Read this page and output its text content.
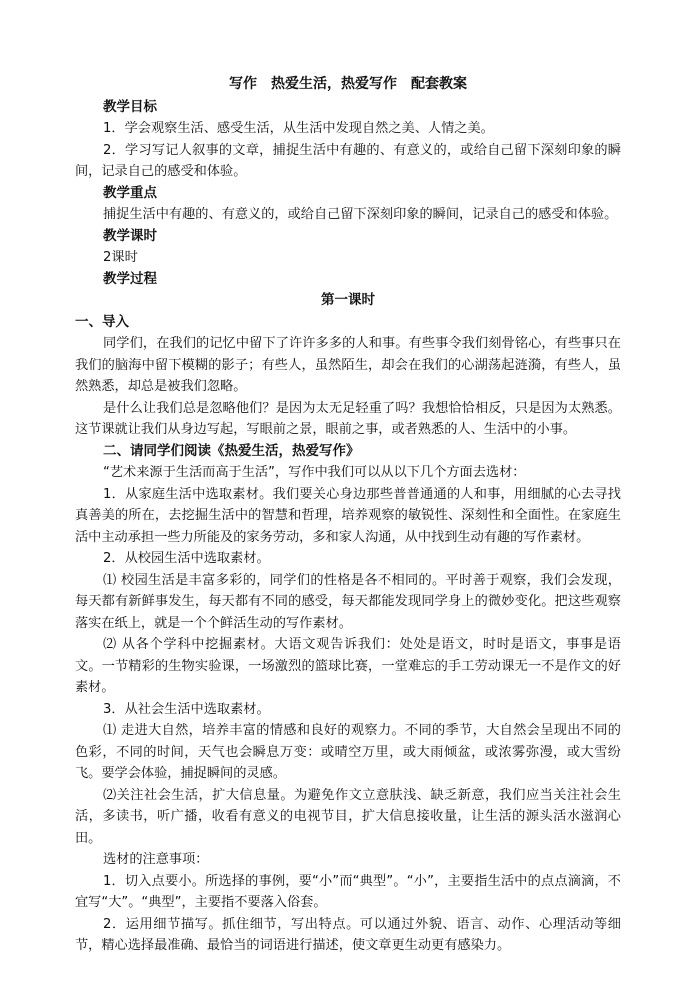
写作　热爱生活，热爱写作　配套教案

教学目标

1．学会观察生活、感受生活，从生活中发现自然之美、人情之美。

2．学习写记人叙事的文章，捕捉生活中有趣的、有意义的，或给自己留下深刻印象的瞬间，记录自己的感受和体验。

教学重点

捕捉生活中有趣的、有意义的，或给自己留下深刻印象的瞬间，记录自己的感受和体验。

教学课时

2课时

教学过程

第一课时

一、导入

同学们，在我们的记忆中留下了许许多多的人和事。有些事令我们刻骨铭心，有些事只在我们的脑海中留下模糊的影子；有些人，虽然陌生，却会在我们的心湖荡起涟漪，有些人，虽然熟悉，却总是被我们忽略。

是什么让我们总是忽略他们？是因为太无足轻重了吗？我想恰恰相反，只是因为太熟悉。这节课就让我们从身边写起，写眼前之景，眼前之事，或者熟悉的人、生活中的小事。

二、请同学们阅读《热爱生活，热爱写作》

“艺术来源于生活而高于生活”，写作中我们可以从以下几个方面去选材：

1．从家庭生活中选取素材。我们要关心身边那些普普通通的人和事，用细腻的心去寻找真善美的所在，去挖掘生活中的智慧和哲理，培养观察的敏锐性、深刻性和全面性。在家庭生活中主动承担一些力所能及的家务劳动，多和家人沟通，从中找到生动有趣的写作素材。

2．从校园生活中选取素材。

⑴ 校园生活是丰富多彩的，同学们的性格是各不相同的。平时善于观察，我们会发现，每天都有新鲜事发生，每天都有不同的感受，每天都能发现同学身上的微妙变化。把这些观察落实在纸上，就是一个个鲜活生动的写作素材。

⑵ 从各个学科中挖掘素材。大语文观告诉我们：处处是语文，时时是语文，事事是语文。一节精彩的生物实验课，一场激烈的篮球比赛，一堂难忘的手工劳动课无一不是作文的好素材。

3．从社会生活中选取素材。

⑴ 走进大自然，培养丰富的情感和良好的观察力。不同的季节，大自然会呈现出不同的色彩，不同的时间，天气也会瞬息万变：或晴空万里，或大雨倾盆，或浓雾弥漫，或大雪纷飞。要学会体验，捕捉瞬间的灵感。

⑵关注社会生活，扩大信息量。为避免作文立意肤浅、缺乏新意，我们应当关注社会生活，多读书，听广播，收看有意义的电视节目，扩大信息接收量，让生活的源头活水滋润心田。

选材的注意事项：

1．切入点要小。所选择的事例，要“小”而“典型”。“小”，主要指生活中的点点滴滴，不宜写“大”。“典型”，主要指不要落入俗套。

2．运用细节描写。抓住细节，写出特点。可以通过外貌、语言、动作、心理活动等细节，精心选择最准确、最恰当的词语进行描述，使文章更生动更有感染力。
